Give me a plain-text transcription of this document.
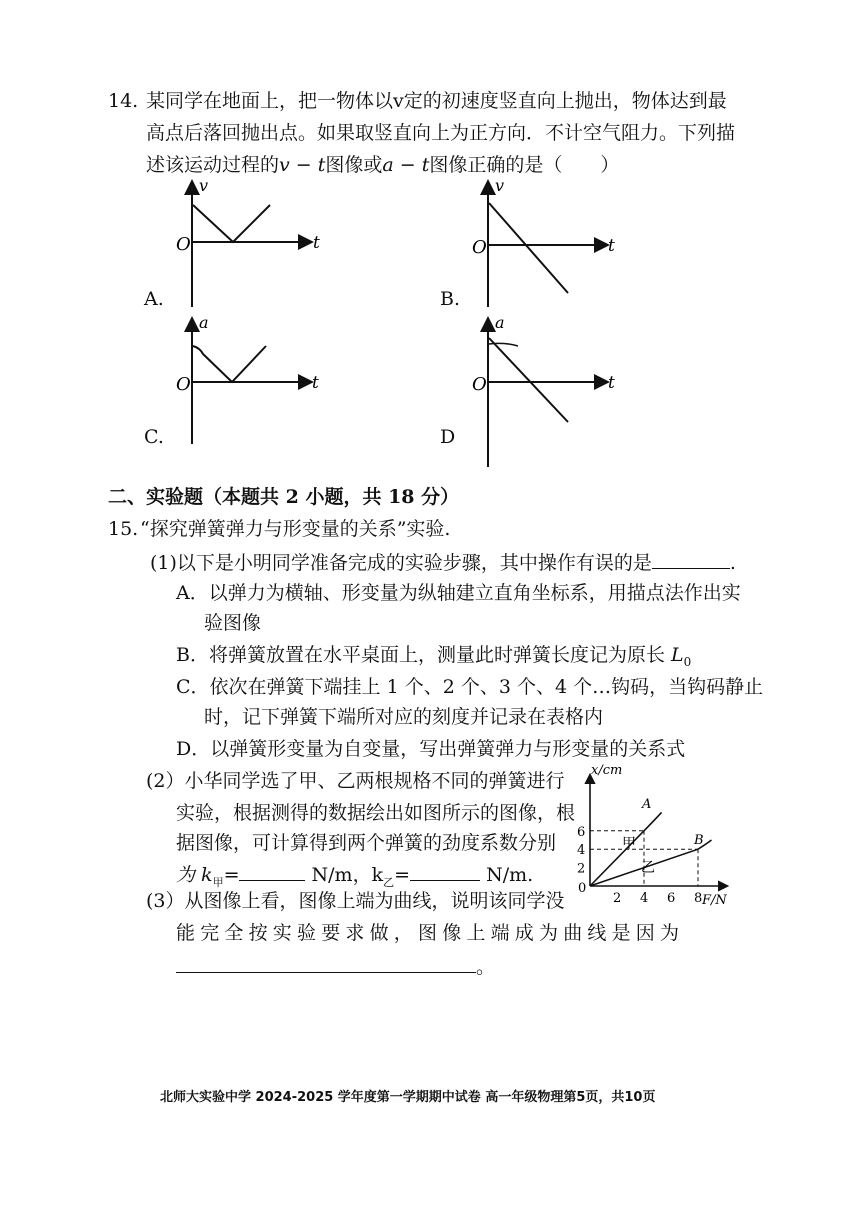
14. 某同学在地面上，把一物体以v定的初速度竖直向上抛出，物体达到最
高点后落回抛出点。如果取竖直向上为正方向．不计空气阻力。下列描
述该运动过程的v − t图像或a − t图像正确的是（　　）
v
t
O
A.
v
t
O
B.
a
t
O
C.
a
t
O
D
二、实验题（本题共 2 小题，共 18 分）
15. “探究弹簧弹力与形变量的关系”实验.
(1)以下是小明同学准备完成的实验步骤，其中操作有误的是	.
A．以弹力为横轴、形变量为纵轴建立直角坐标系，用描点法作出实
验图像
B．将弹簧放置在水平桌面上，测量此时弹簧长度记为原长 $L_0$
C．依次在弹簧下端挂上 1 个、2 个、3 个、4 个…钩码，当钩码静止
时，记下弹簧下端所对应的刻度并记录在表格内
D．以弹簧形变量为自变量，写出弹簧弹力与形变量的关系式
(2）小华同学选了甲、乙两根规格不同的弹簧进行
实验，根据测得的数据绘出如图所示的图像，根
据图像，可计算得到两个弹簧的劲度系数分别
为 $k_甲=$	N/m，$k_乙=$	N/m.
(3）从图像上看，图像上端为曲线，说明该同学没
能完全按实验要求做，图像上端成为曲线是因为
。
2
4
6
2 4 6 8
x/cm
F/N
0
A
B
甲
乙
北师大实验中学 2024-2025 学年度第一学期期中试卷 高一年级物理第5页，共10页
